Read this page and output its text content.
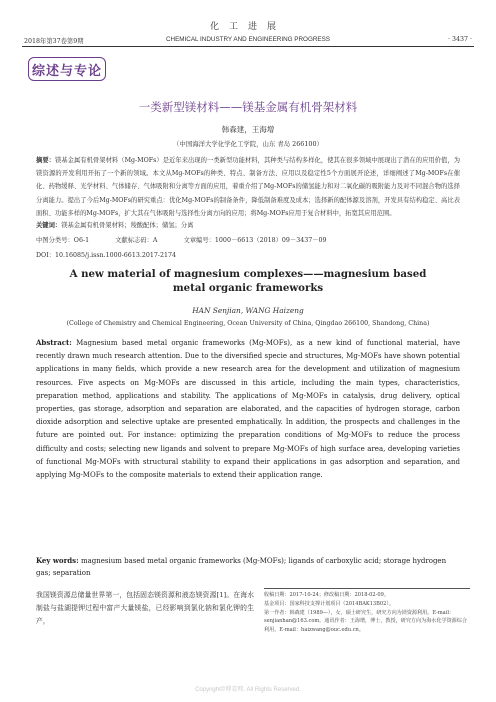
化工进展
2018年第37卷第9期	CHEMICAL INDUSTRY AND ENGINEERING PROGRESS	· 3437 ·
综述与专论
一类新型镁材料——镁基金属有机骨架材料
韩森建，王海增
（中国海洋大学化学化工学院，山东 青岛 266100）
摘要：镁基金属有机骨架材料（Mg-MOFs）是近年来出现的一类新型功能材料，其种类与结构多样化，使其在很多领域中展现出了潜在的应用价值，为镁资源的开发利用开拓了一个新的领域。本文从Mg-MOFs的种类、特点、制备方法、应用以及稳定性5个方面展开论述，详细阐述了Mg-MOFs在催化、药物缓释、光学材料、气体储存、气体吸附和分离等方面的应用，着重介绍了Mg-MOFs的储氢能力和对二氧化碳的吸附能力及对不同混合物的选择分离能力。提出了今后Mg-MOFs的研究重点：优化Mg-MOFs的制备条件，降低制备难度及成本；选择新的配体源及溶剂，开发具有结构稳定、高比表面积、功能多样的Mg-MOFs，扩大其在气体吸附与选择性分离方向的应用；将Mg-MOFs应用于复合材料中，拓宽其应用范围。
关键词：镁基金属有机骨架材料；羧酸配体；储氢；分离
中图分类号：O6-1	文献标志码：A	文章编号：1000－6613（2018）09－3437－09
DOI：10.16085/j.issn.1000-6613.2017-2174
A new material of magnesium complexes——magnesium based metal organic frameworks
HAN Senjian, WANG Haizeng
(College of Chemistry and Chemical Engineering, Ocean University of China, Qingdao 266100, Shandong, China)
Abstract: Magnesium based metal organic frameworks (Mg-MOFs), as a new kind of functional material, have recently drawn much research attention. Due to the diversified specie and structures, Mg-MOFs have shown potential applications in many fields, which provide a new research area for the development and utilization of magnesium resources. Five aspects on Mg-MOFs are discussed in this article, including the main types, characteristics, preparation method, applications and stability. The applications of Mg-MOFs in catalysis, drug delivery, optical properties, gas storage, adsorption and separation are elaborated, and the capacities of hydrogen storage, carbon dioxide adsorption and selective uptake are presented emphatically. In addition, the prospects and challenges in the future are pointed out. For instance: optimizing the preparation conditions of Mg-MOFs to reduce the process difficulty and costs; selecting new ligands and solvent to prepare Mg-MOFs of high surface area, developing varieties of functional Mg-MOFs with structural stability to expand their applications in gas adsorption and separation, and applying Mg-MOFs to the composite materials to extend their application range.
Key words: magnesium based metal organic frameworks (Mg-MOFs); ligands of carboxylic acid; storage hydrogen gas; separation
我国镁资源总储量世界第一，包括固态镁资源和液态镁资源[1]。在海水制盐与盐湖提钾过程中富产大量镁盐，已经影响到氯化钠和氯化钾的生产，
收稿日期：2017-10-24；修改稿日期：2018-02-09。
基金项目：国家科技支撑计划项目（2014BAK13B02）。
第一作者：韩森建（1989—），女，硕士研究生，研究方向为镁资源利用。E-mail：senjianhan@163.com。通讯作者：王海增，博士，教授，研究方向为海水化学资源综合利用。E-mail：haizwang@ouc.edu.cn。
Copyright©博看网. All Rights Reserved.
